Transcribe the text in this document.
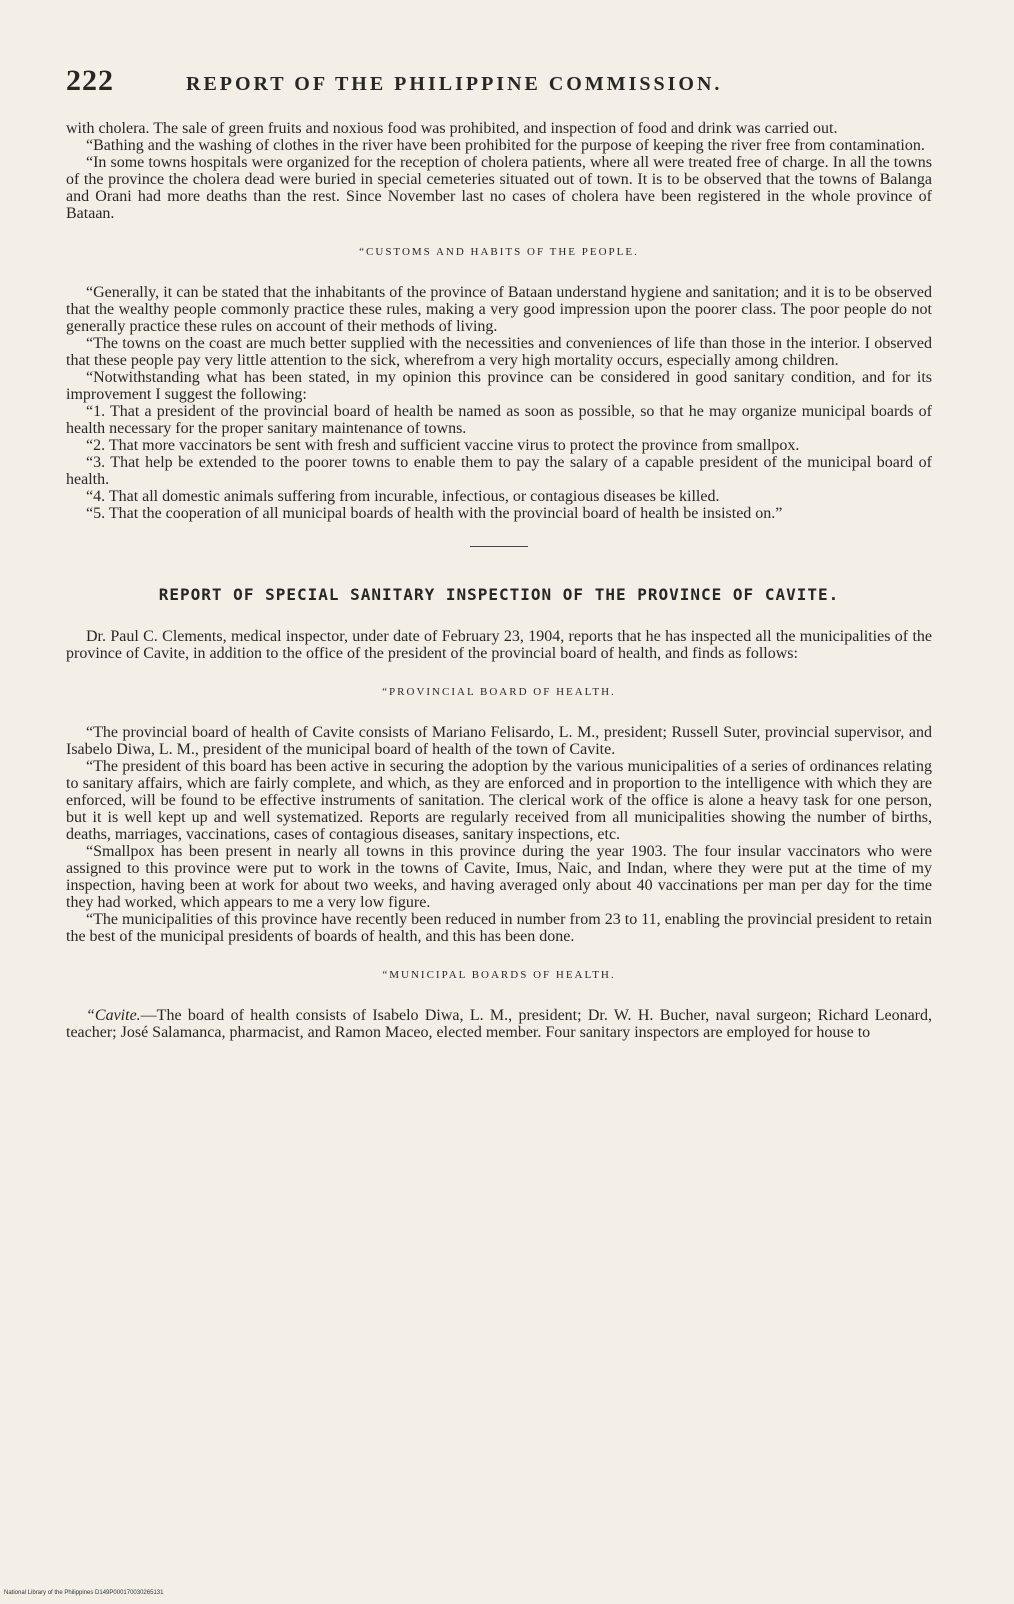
222	REPORT OF THE PHILIPPINE COMMISSION.

with cholera. The sale of green fruits and noxious food was prohibited, and inspection of food and drink was carried out.

“Bathing and the washing of clothes in the river have been prohibited for the purpose of keeping the river free from contamination.

“In some towns hospitals were organized for the reception of cholera patients, where all were treated free of charge. In all the towns of the province the cholera dead were buried in special cemeteries situated out of town. It is to be observed that the towns of Balanga and Orani had more deaths than the rest. Since November last no cases of cholera have been registered in the whole province of Bataan.

“CUSTOMS AND HABITS OF THE PEOPLE.

“Generally, it can be stated that the inhabitants of the province of Bataan understand hygiene and sanitation; and it is to be observed that the wealthy people commonly practice these rules, making a very good impression upon the poorer class. The poor people do not generally practice these rules on account of their methods of living.

“The towns on the coast are much better supplied with the necessities and conveniences of life than those in the interior. I observed that these people pay very little attention to the sick, wherefrom a very high mortality occurs, especially among children.

“Notwithstanding what has been stated, in my opinion this province can be considered in good sanitary condition, and for its improvement I suggest the following:

“1. That a president of the provincial board of health be named as soon as possible, so that he may organize municipal boards of health necessary for the proper sanitary maintenance of towns.

“2. That more vaccinators be sent with fresh and sufficient vaccine virus to protect the province from smallpox.

“3. That help be extended to the poorer towns to enable them to pay the salary of a capable president of the municipal board of health.

“4. That all domestic animals suffering from incurable, infectious, or contagious diseases be killed.

“5. That the cooperation of all municipal boards of health with the provincial board of health be insisted on.”

REPORT OF SPECIAL SANITARY INSPECTION OF THE PROVINCE OF CAVITE.

Dr. Paul C. Clements, medical inspector, under date of February 23, 1904, reports that he has inspected all the municipalities of the province of Cavite, in addition to the office of the president of the provincial board of health, and finds as follows:

“PROVINCIAL BOARD OF HEALTH.

“The provincial board of health of Cavite consists of Mariano Felisardo, L. M., president; Russell Suter, provincial supervisor, and Isabelo Diwa, L. M., president of the municipal board of health of the town of Cavite.

“The president of this board has been active in securing the adoption by the various municipalities of a series of ordinances relating to sanitary affairs, which are fairly complete, and which, as they are enforced and in proportion to the intelligence with which they are enforced, will be found to be effective instruments of sanitation. The clerical work of the office is alone a heavy task for one person, but it is well kept up and well systematized. Reports are regularly received from all municipalities showing the number of births, deaths, marriages, vaccinations, cases of contagious diseases, sanitary inspections, etc.

“Smallpox has been present in nearly all towns in this province during the year 1903. The four insular vaccinators who were assigned to this province were put to work in the towns of Cavite, Imus, Naic, and Indan, where they were put at the time of my inspection, having been at work for about two weeks, and having averaged only about 40 vaccinations per man per day for the time they had worked, which appears to me a very low figure.

“The municipalities of this province have recently been reduced in number from 23 to 11, enabling the provincial president to retain the best of the municipal presidents of boards of health, and this has been done.

“MUNICIPAL BOARDS OF HEALTH.

“Cavite.—The board of health consists of Isabelo Diwa, L. M., president; Dr. W. H. Bucher, naval surgeon; Richard Leonard, teacher; José Salamanca, pharmacist, and Ramon Maceo, elected member. Four sanitary inspectors are employed for house to

National Library of the Philippines D149P000170030265131
